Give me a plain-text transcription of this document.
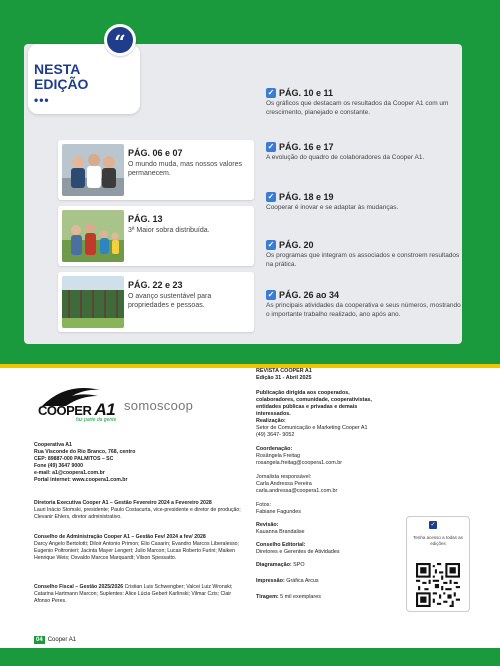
NESTA
EDIÇÃO
•••
“
PÁG. 06 e 07
O mundo muda, mas nossos valores permanecem.
PÁG. 13
3ª Maior sobra distribuída.
PÁG. 22 e 23
O avanço sustentável para propriedades e pessoas.
✓ PÁG. 10 e 11
Os gráficos que destacam os resultados da Cooper A1 com um crescimento, planejado e constante.
✓ PÁG. 16 e 17
A evolução do quadro de colaboradores da Cooper A1.
✓ PÁG. 18 e 19
Cooperar é inovar e se adaptar às mudanças.
✓ PÁG. 20
Os programas que integram os associados e constroem resultados na prática.
✓ PÁG. 26 ao 34
As principais atividades da cooperativa e seus números, mostrando o importante trabalho realizado, ano após ano.
COOPER A1
faz parte da gente
somoscoop
Cooperativa A1
Rua Visconde do Rio Branco, 768, centro
CEP: 89887-000 PALMITOS – SC
Fone (49) 3647 9000
e-mail: a1@coopera1.com.br
Portal internet: www.coopera1.com.br
Diretoria Executiva Cooper A1 – Gestão Fevereiro 2024 a Fevereiro 2028
Lauri Inácio Stomski, presidente; Paulo Costacurta, vice-presidente e diretor de produção; Clevanir Ehlers, diretor administrativo.
Conselho de Administração Cooper A1 – Gestão Fev/ 2024 a fev/ 2028
Darcy Angelo Bertolotti; Diloir Antonio Primon; Elio Casarin; Evandro Marcos Liberalesso; Eugenio Poltronieri; Jacinta Mayer Lengert; Julio Marcon; Lucas Roberto Furini; Maiken Henrique Weis; Osvaldo Marcos Marquardt; Vilson Spessatto.
Conselho Fiscal – Gestão 2025/2026 Cristian Luis Schwengber; Valcei Luiz Wronski; Catarina Hartmann Marcon; Suplentes: Alice Lúcia Gebert Karlinski; Vilmar Czis; Clair Afonso Peres.
REVISTA COOPER A1
Edição 31 - Abril 2025
Publicação dirigida aos cooperados, colaboradores, comunidade, cooperativistas, entidades públicas e privadas e demais interessados.
Realização:
Setor de Comunicação e Marketing Cooper A1
(49) 3647- 9052
Coordenação:
Rosângela Freitag
rosangela.freitag@coopera1.com.br
Jornalista responsável:
Carla Andressa Pereira
carla.andressa@coopera1.com.br
Fotos:
Fabiane Fagundes
Revisão:
Kauanna Brandalise
Conselho Editorial:
Diretores e Gerentes de Atividades
Diagramação: SPO
Impressão: Gráfica Arcus
Tiragem: 5 mil exemplares
✓
Tenha acesso a todas as edições
04 Cooper A1
